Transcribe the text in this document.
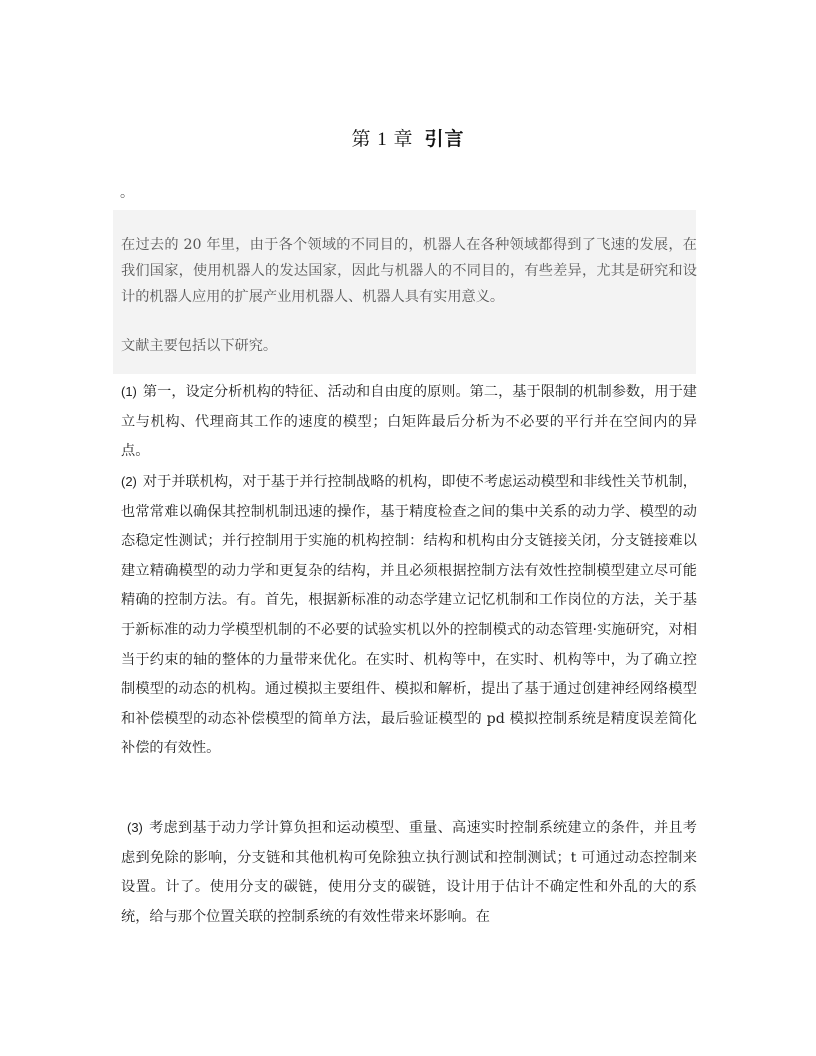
第 1 章 引言
。

在过去的 20 年里，由于各个领域的不同目的，机器人在各种领域都得到了飞速的发展，在我们国家，使用机器人的发达国家，因此与机器人的不同目的，有些差异，尤其是研究和设计的机器人应用的扩展产业用机器人、机器人具有实用意义。

文献主要包括以下研究。

(1) 第一，设定分析机构的特征、活动和自由度的原则。第二，基于限制的机制参数，用于建立与机构、代理商其工作的速度的模型；白矩阵最后分析为不必要的平行并在空间内的异点。

(2) 对于并联机构，对于基于并行控制战略的机构，即使不考虑运动模型和非线性关节机制，也常常难以确保其控制机制迅速的操作，基于精度检查之间的集中关系的动力学、模型的动态稳定性测试；并行控制用于实施的机构控制：结构和机构由分支链接关闭，分支链接难以建立精确模型的动力学和更复杂的结构，并且必须根据控制方法有效性控制模型建立尽可能精确的控制方法。有。首先，根据新标准的动态学建立记忆机制和工作岗位的方法，关于基于新标准的动力学模型机制的不必要的试验实机以外的控制模式的动态管理·实施研究，对相当于约束的轴的整体的力量带来优化。在实时、机构等中，在实时、机构等中，为了确立控制模型的动态的机构。通过模拟主要组件、模拟和解析，提出了基于通过创建神经网络模型和补偿模型的动态补偿模型的简单方法，最后验证模型的 pd 模拟控制系统是精度误差简化补偿的有效性。

(3) 考虑到基于动力学计算负担和运动模型、重量、高速实时控制系统建立的条件，并且考虑到免除的影响，分支链和其他机构可免除独立执行测试和控制测试；t 可通过动态控制来设置。计了。使用分支的碳链，使用分支的碳链，设计用于估计不确定性和外乱的大的系统，给与那个位置关联的控制系统的有效性带来坏影响。在
